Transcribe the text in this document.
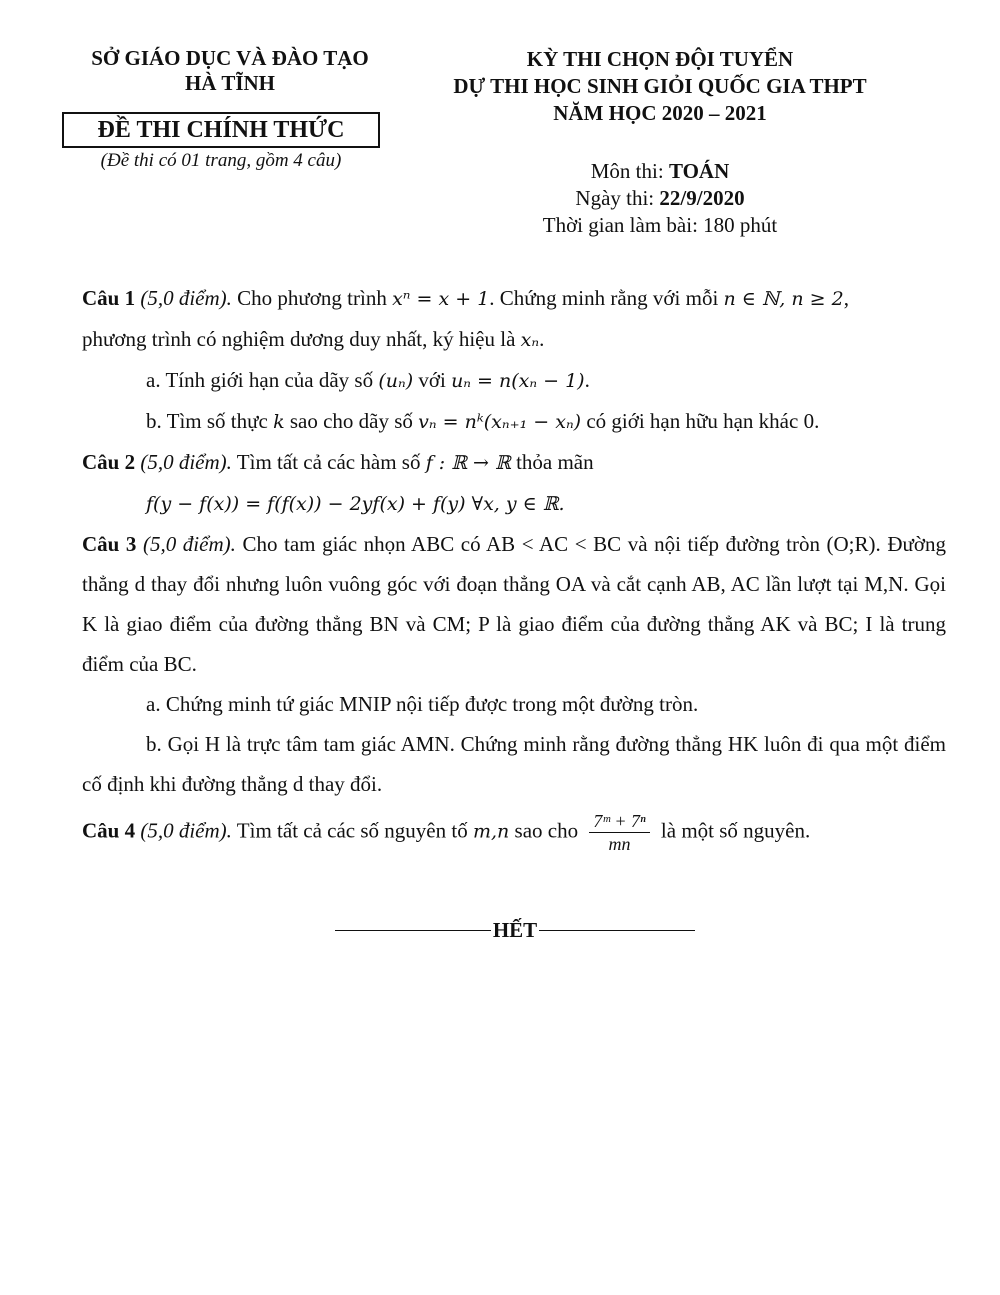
SỞ GIÁO DỤC VÀ ĐÀO TẠO
HÀ TĨNH
ĐỀ THI CHÍNH THỨC
(Đề thi có 01 trang, gồm 4 câu)
KỲ THI CHỌN ĐỘI TUYỂN
DỰ THI HỌC SINH GIỎI QUỐC GIA THPT
NĂM HỌC 2020 – 2021
Môn thi: TOÁN
Ngày thi: 22/9/2020
Thời gian làm bài: 180 phút

Câu 1 (5,0 điểm). Cho phương trình xⁿ = x + 1. Chứng minh rằng với mỗi n ∈ ℕ, n ≥ 2,

phương trình có nghiệm dương duy nhất, ký hiệu là xₙ.

a. Tính giới hạn của dãy số (uₙ) với uₙ = n(xₙ − 1).

b. Tìm số thực k sao cho dãy số vₙ = nᵏ(xₙ₊₁ − xₙ) có giới hạn hữu hạn khác 0.

Câu 2 (5,0 điểm). Tìm tất cả các hàm số f : ℝ → ℝ thỏa mãn

f(y − f(x)) = f(f(x)) − 2yf(x) + f(y) ∀x, y ∈ ℝ.

Câu 3 (5,0 điểm). Cho tam giác nhọn ABC có AB < AC < BC và nội tiếp đường tròn (O;R). Đường thẳng d thay đổi nhưng luôn vuông góc với đoạn thẳng OA và cắt cạnh AB, AC lần lượt tại M,N. Gọi K là giao điểm của đường thẳng BN và CM; P là giao điểm của đường thẳng AK và BC; I là trung điểm của BC.

a. Chứng minh tứ giác MNIP nội tiếp được trong một đường tròn.

b. Gọi H là trực tâm tam giác AMN. Chứng minh rằng đường thẳng HK luôn đi qua một điểm cố định khi đường thẳng d thay đổi.

Câu 4 (5,0 điểm). Tìm tất cả các số nguyên tố m,n sao cho $\frac{\text{7ᵐ + 7ⁿ}}{mn}$ là một số nguyên.

HẾT
